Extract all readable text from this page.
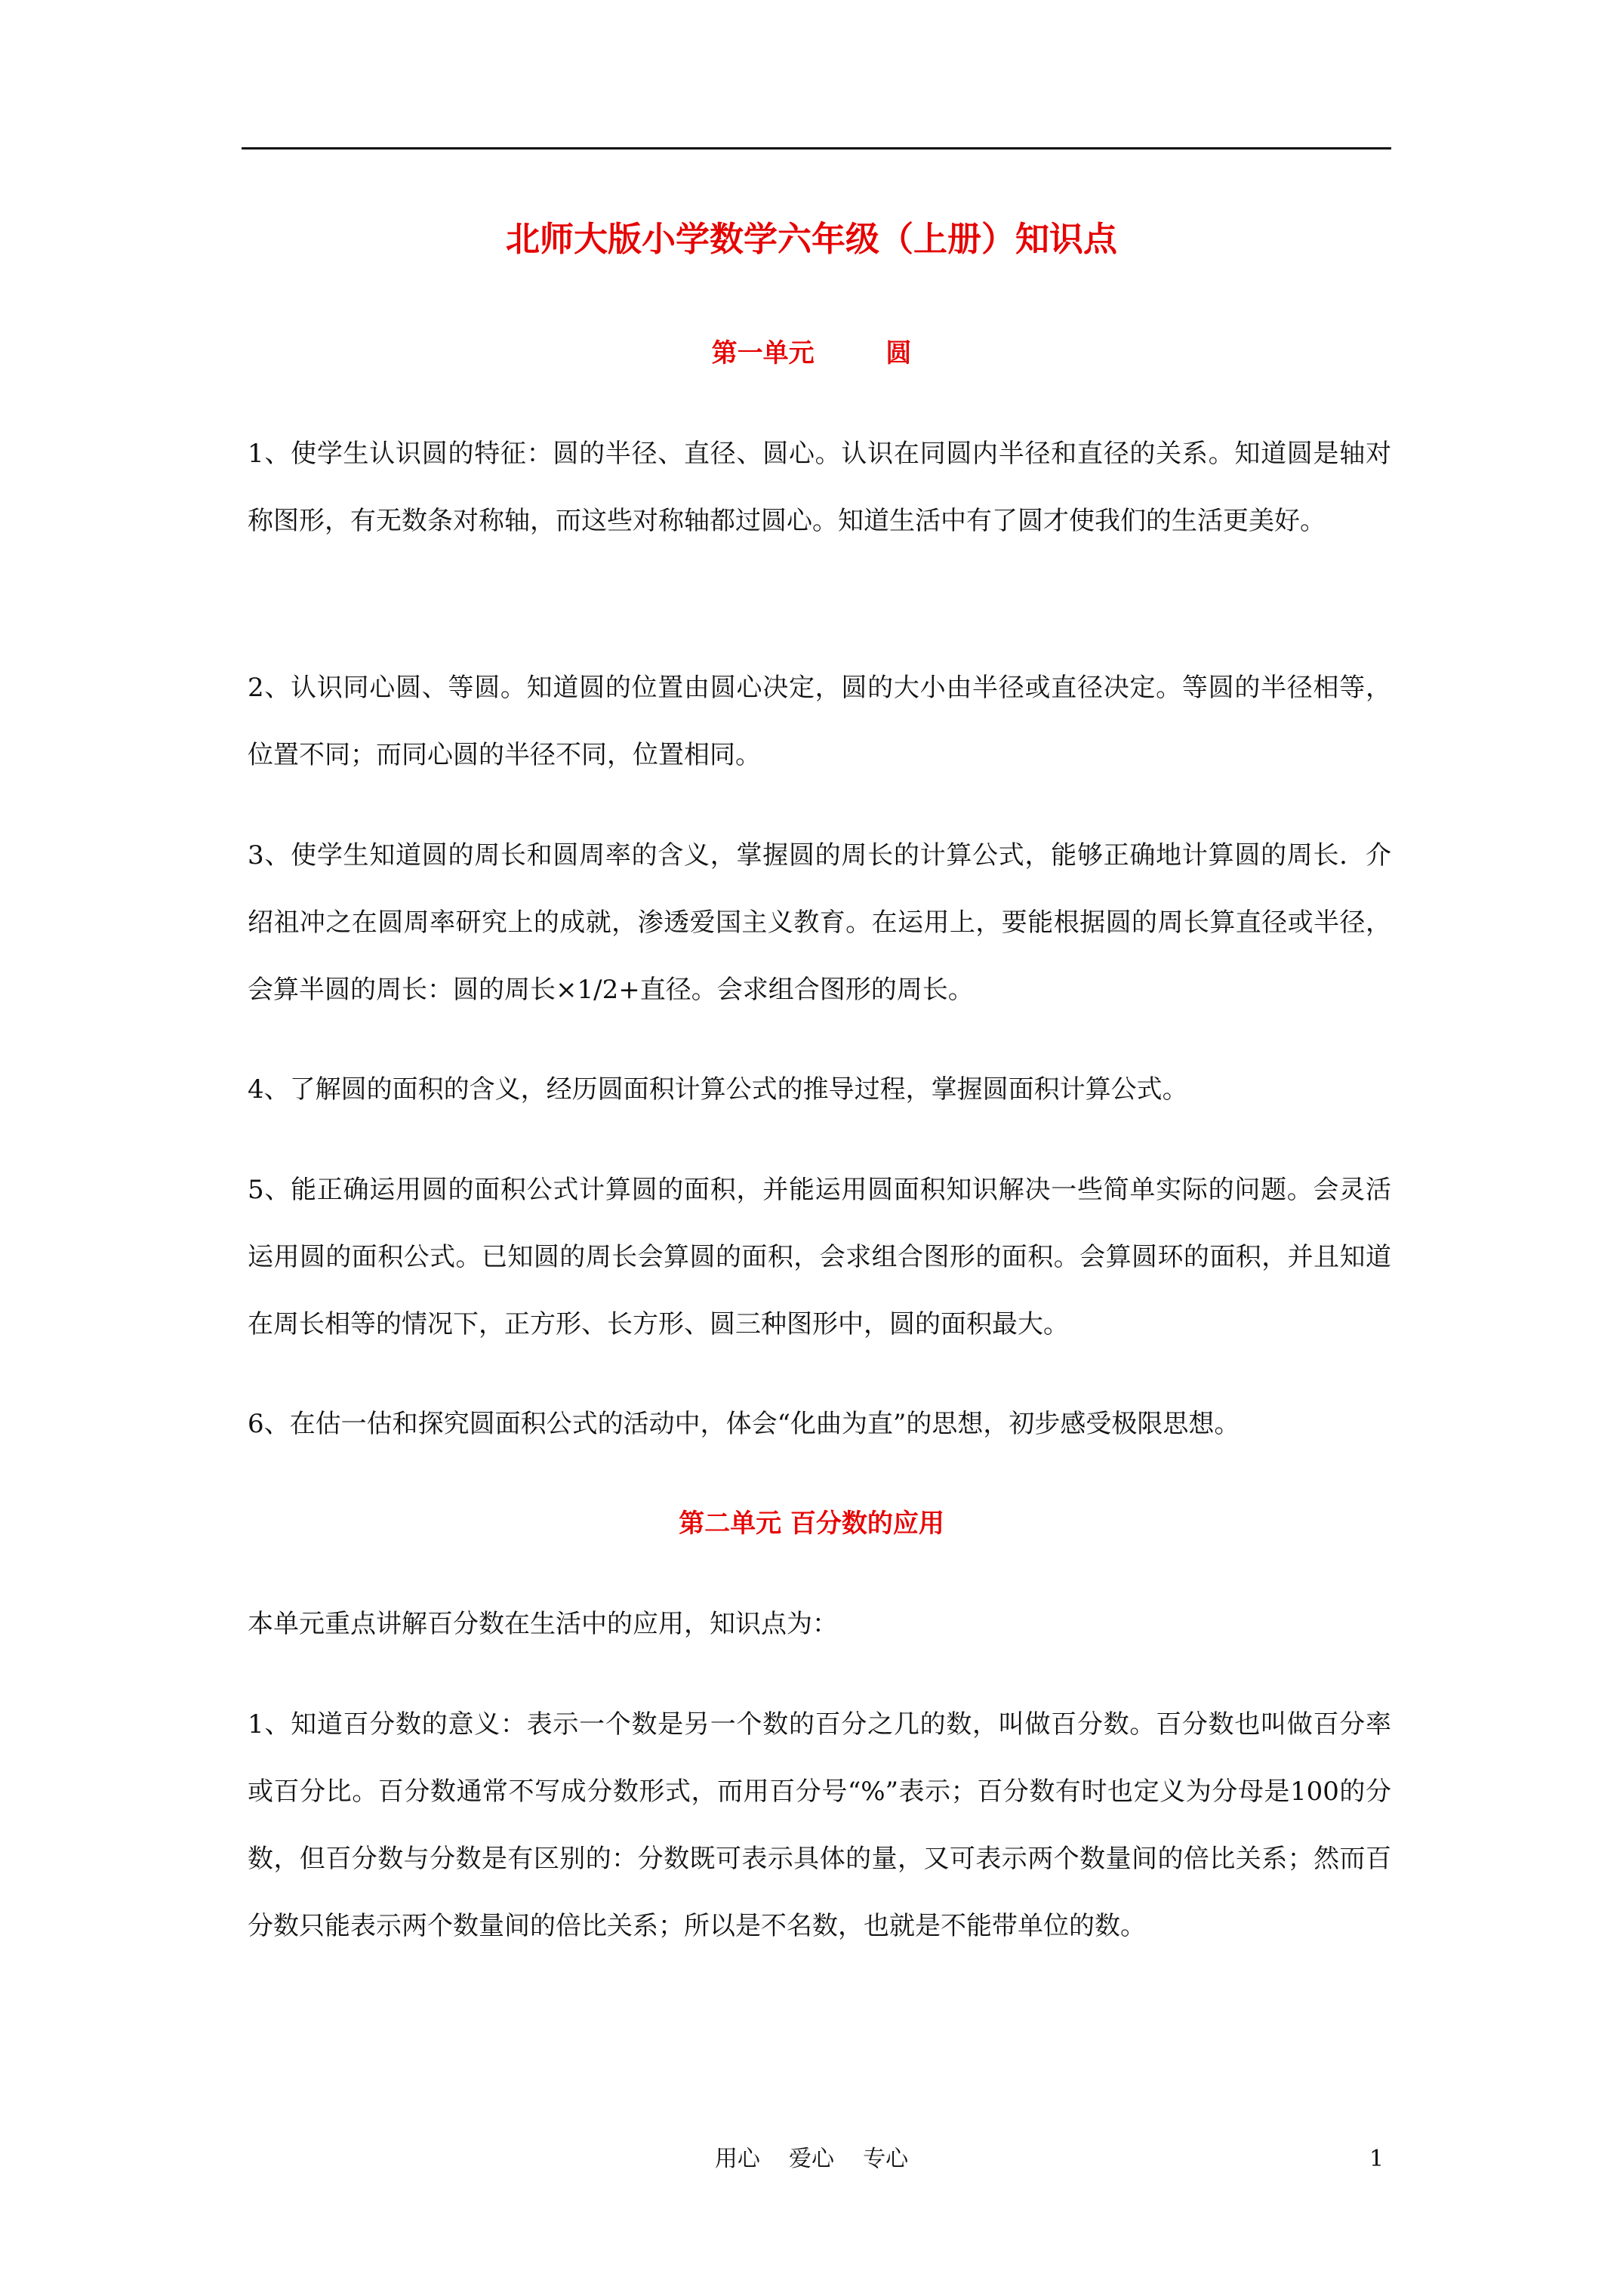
北师大版小学数学六年级（上册）知识点
第一单元        圆

1、使学生认识圆的特征：圆的半径、直径、圆心。认识在同圆内半径和直径的关系。知道圆是轴对称图形，有无数条对称轴，而这些对称轴都过圆心。知道生活中有了圆才使我们的生活更美好。

2、认识同心圆、等圆。知道圆的位置由圆心决定，圆的大小由半径或直径决定。等圆的半径相等，位置不同；而同心圆的半径不同，位置相同。

3、使学生知道圆的周长和圆周率的含义，掌握圆的周长的计算公式，能够正确地计算圆的周长．介绍祖冲之在圆周率研究上的成就，渗透爱国主义教育。在运用上，要能根据圆的周长算直径或半径，会算半圆的周长：圆的周长×1/2+直径。会求组合图形的周长。

4、了解圆的面积的含义，经历圆面积计算公式的推导过程，掌握圆面积计算公式。

5、能正确运用圆的面积公式计算圆的面积，并能运用圆面积知识解决一些简单实际的问题。会灵活运用圆的面积公式。已知圆的周长会算圆的面积，会求组合图形的面积。会算圆环的面积，并且知道在周长相等的情况下，正方形、长方形、圆三种图形中，圆的面积最大。

6、在估一估和探究圆面积公式的活动中，体会“化曲为直”的思想，初步感受极限思想。

第二单元 百分数的应用

本单元重点讲解百分数在生活中的应用，知识点为：

1、知道百分数的意义：表示一个数是另一个数的百分之几的数，叫做百分数。百分数也叫做百分率或百分比。百分数通常不写成分数形式，而用百分号“%”表示；百分数有时也定义为分母是100的分数，但百分数与分数是有区别的：分数既可表示具体的量，又可表示两个数量间的倍比关系；然而百分数只能表示两个数量间的倍比关系；所以是不名数，也就是不能带单位的数。

用心    爱心    专心	1
